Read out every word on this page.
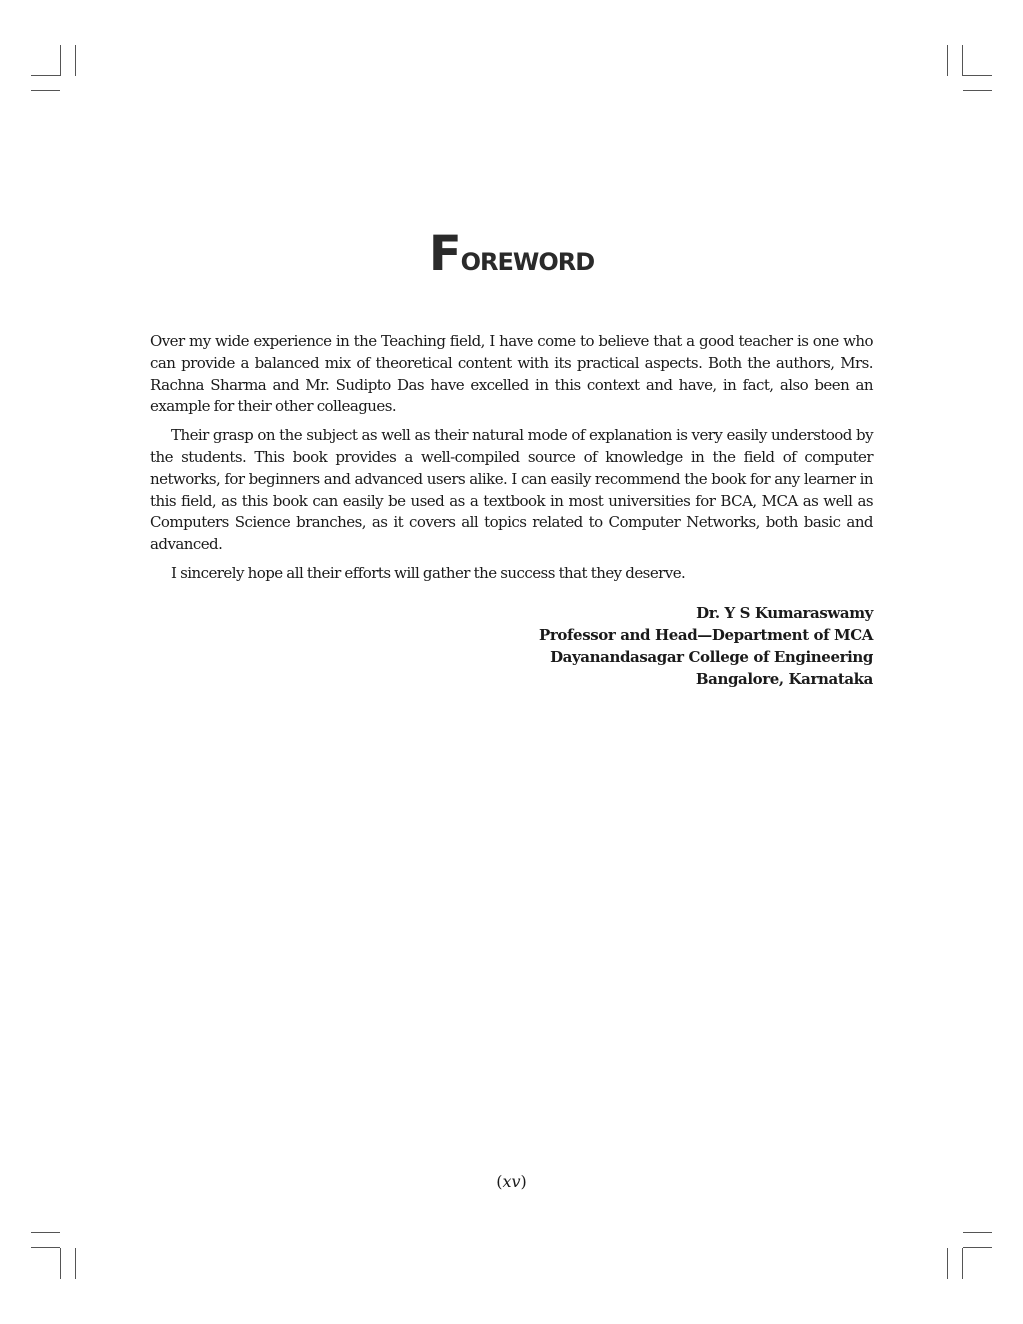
Foreword

Over my wide experience in the Teaching field, I have come to believe that a good teacher is one who can provide a balanced mix of theoretical content with its practical aspects. Both the authors, Mrs. Rachna Sharma and Mr. Sudipto Das have excelled in this context and have, in fact, also been an example for their other colleagues.

Their grasp on the subject as well as their natural mode of explanation is very easily understood by the students. This book provides a well-compiled source of knowledge in the field of computer networks, for beginners and advanced users alike. I can easily recommend the book for any learner in this field, as this book can easily be used as a textbook in most universities for BCA, MCA as well as Computers Science branches, as it covers all topics related to Computer Networks, both basic and advanced.

I sincerely hope all their efforts will gather the success that they deserve.

Dr. Y S Kumaraswamy
Professor and Head—Department of MCA
Dayanandasagar College of Engineering
Bangalore, Karnataka
(xv)
